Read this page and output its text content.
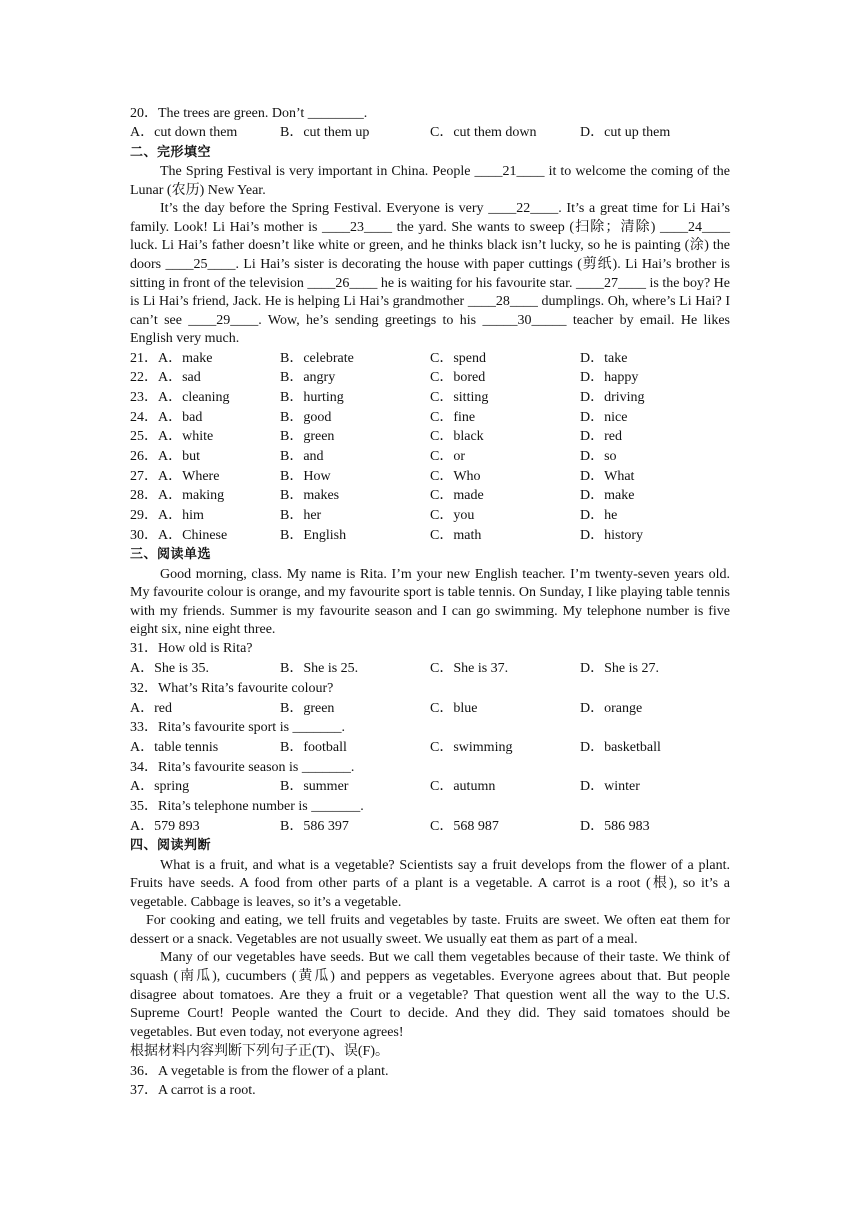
20．The trees are green. Don’t ________.
A．cut down them	B．cut them up	C．cut them down	D．cut up them
二、完形填空
The Spring Festival is very important in China. People ____21____ it to welcome the coming of the Lunar (农历) New Year.
It’s the day before the Spring Festival. Everyone is very ____22____. It’s a great time for Li Hai’s family. Look! Li Hai’s mother is ____23____ the yard. She wants to sweep (扫除；清除) ____24____ luck. Li Hai’s father doesn’t like white or green, and he thinks black isn’t lucky, so he is painting (涂) the doors ____25____. Li Hai’s sister is decorating the house with paper cuttings (剪纸). Li Hai’s brother is sitting in front of the television ____26____ he is waiting for his favourite star. ____27____ is the boy? He is Li Hai’s friend, Jack. He is helping Li Hai’s grandmother ____28____ dumplings. Oh, where’s Li Hai? I can’t see ____29____. Wow, he’s sending greetings to his _____30_____ teacher by email. He likes English very much.
21．A．make	B．celebrate	C．spend	D．take
22．A．sad	B．angry	C．bored	D．happy
23．A．cleaning	B．hurting	C．sitting	D．driving
24．A．bad	B．good	C．fine	D．nice
25．A．white	B．green	C．black	D．red
26．A．but	B．and	C．or	D．so
27．A．Where	B．How	C．Who	D．What
28．A．making	B．makes	C．made	D．make
29．A．him	B．her	C．you	D．he
30．A．Chinese	B．English	C．math	D．history
三、阅读单选
Good morning, class. My name is Rita. I’m your new English teacher. I’m twenty-seven years old. My favourite colour is orange, and my favourite sport is table tennis. On Sunday, I like playing table tennis with my friends. Summer is my favourite season and I can go swimming. My telephone number is five eight six, nine eight three.
31．How old is Rita?
A．She is 35.	B．She is 25.	C．She is 37.	D．She is 27.
32．What’s Rita’s favourite colour?
A．red	B．green	C．blue	D．orange
33．Rita’s favourite sport is _______.
A．table tennis	B．football	C．swimming	D．basketball
34．Rita’s favourite season is _______.
A．spring	B．summer	C．autumn	D．winter
35．Rita’s telephone number is _______.
A．579 893	B．586 397	C．568 987	D．586 983
四、阅读判断
What is a fruit, and what is a vegetable? Scientists say a fruit develops from the flower of a plant. Fruits have seeds. A food from other parts of a plant is a vegetable. A carrot is a root (根), so it’s a vegetable. Cabbage is leaves, so it’s a vegetable.
For cooking and eating, we tell fruits and vegetables by taste. Fruits are sweet. We often eat them for dessert or a snack. Vegetables are not usually sweet. We usually eat them as part of a meal.
Many of our vegetables have seeds. But we call them vegetables because of their taste. We think of squash (南瓜), cucumbers (黄瓜) and peppers as vegetables. Everyone agrees about that. But people disagree about tomatoes. Are they a fruit or a vegetable? That question went all the way to the U.S. Supreme Court! People wanted the Court to decide. And they did. They said tomatoes should be vegetables. But even today, not everyone agrees!
根据材料内容判断下列句子正(T)、误(F)。
36．A vegetable is from the flower of a plant.
37．A carrot is a root.
